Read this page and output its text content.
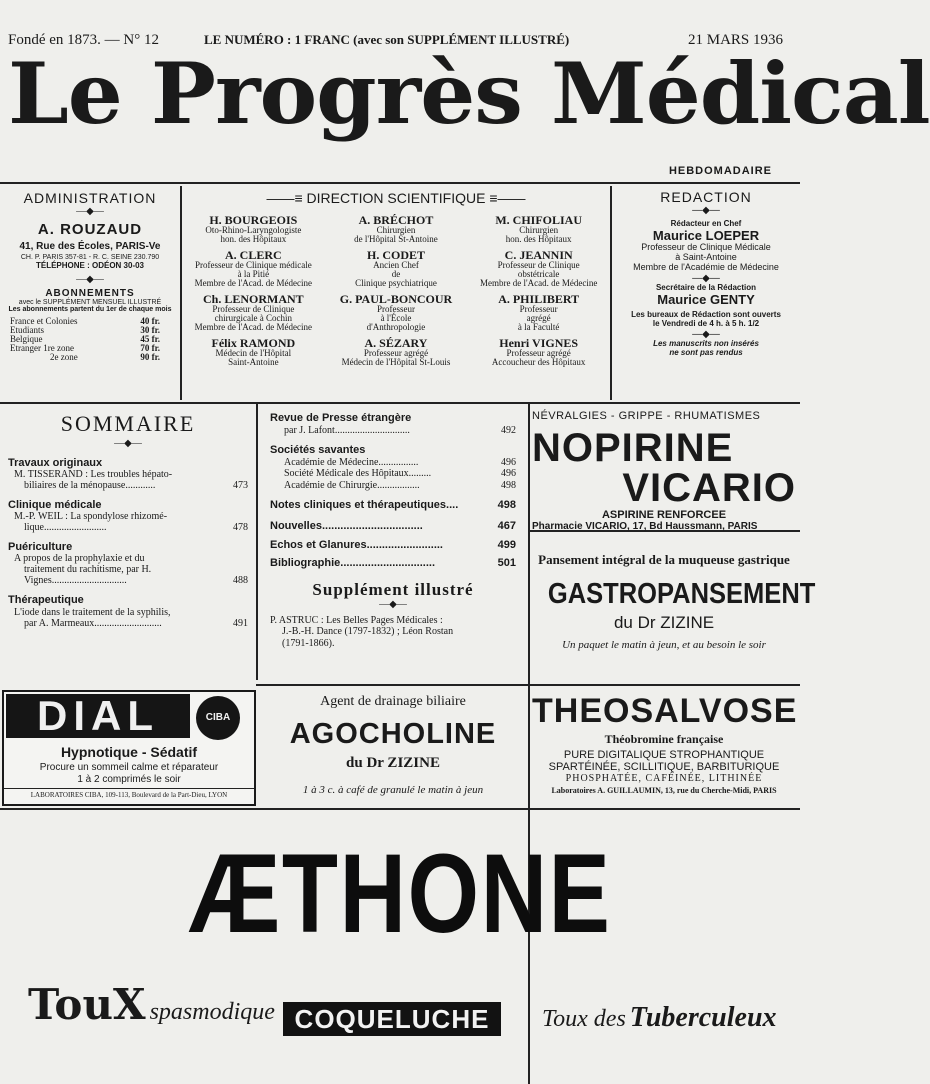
Fondé en 1873. — N° 12	LE NUMÉRO : 1 FRANC (avec son SUPPLÉMENT ILLUSTRÉ)	21 MARS 1936
Le Progrès Médical
HEBDOMADAIRE
ADMINISTRATION
—◆—
A. ROUZAUD
41, Rue des Écoles, PARIS-Ve
CH. P. PARIS 357-81 - R. C. SEINE 230.790
TÉLÉPHONE : ODÉON 30-03
—◆—
ABONNEMENTS
avec le SUPPLÉMENT MENSUEL ILLUSTRÉ
Les abonnements partent du 1er de chaque mois
France et Colonies	40 fr.
Etudiants	30 fr.
Belgique	45 fr.
Etranger 1re zone	70 fr.
2e zone	90 fr.
——≡ DIRECTION SCIENTIFIQUE ≡——
H. BOURGEOIS
Oto-Rhino-Laryngologiste
hon. des Hôpitaux
A. BRÉCHOT
Chirurgien
de l'Hôpital St-Antoine
M. CHIFOLIAU
Chirurgien
hon. des Hôpitaux
A. CLERC
Professeur de Clinique médicale
à la Pitié
Membre de l'Acad. de Médecine
H. CODET
Ancien Chef
de
Clinique psychiatrique
C. JEANNIN
Professeur de Clinique
obstétricale
Membre de l'Acad. de Médecine
Ch. LENORMANT
Professeur de Clinique
chirurgicale à Cochin
Membre de l'Acad. de Médecine
G. PAUL-BONCOUR
Professeur
à l'École
d'Anthropologie
A. PHILIBERT
Professeur
agrégé
à la Faculté
Félix RAMOND
Médecin de l'Hôpital
Saint-Antoine
A. SÉZARY
Professeur agrégé
Médecin de l'Hôpital St-Louis
Henri VIGNES
Professeur agrégé
Accoucheur des Hôpitaux
REDACTION
—◆—
Rédacteur en Chef
Maurice LOEPER
Professeur de Clinique Médicale
à Saint-Antoine
Membre de l'Académie de Médecine
—◆—
Secrétaire de la Rédaction
Maurice GENTY
Les bureaux de Rédaction sont ouverts
le Vendredi de 4 h. à 5 h. 1/2
—◆—
Les manuscrits non insérés
ne sont pas rendus
SOMMAIRE
—◆—
Travaux originaux
M. TISSERAND : Les troubles hépato-
biliaires de la ménopause............	473
Clinique médicale
M.-P. WEIL : La spondylose rhizomé-
lique.........................	478
Puériculture
A propos de la prophylaxie et du
traitement du rachitisme, par H.
Vignes..............................	488
Thérapeutique
L'iode dans le traitement de la syphilis,
par A. Marmeaux...........................	491
Revue de Presse étrangère
par J. Lafont..............................	492
Sociétés savantes
Académie de Médecine................	496
Société Médicale des Hôpitaux.........	496
Académie de Chirurgie.................	498
Notes cliniques et thérapeutiques....	498
Nouvelles.................................	467
Echos et Glanures.........................	499
Bibliographie...............................	501
Supplément illustré
—◆—
P. ASTRUC : Les Belles Pages Médicales :
J.-B.-H. Dance (1797-1832) ; Léon Rostan
(1791-1866).
NÉVRALGIES - GRIPPE - RHUMATISMES
NOPIRINE
VICARIO
ASPIRINE RENFORCEE
Pharmacie VICARIO, 17, Bd Haussmann, PARIS
Pansement intégral de la muqueuse gastrique
GASTROPANSEMENT
du Dr ZIZINE
Un paquet le matin à jeun, et au besoin le soir
DIAL	CIBA
Hypnotique - Sédatif
Procure un sommeil calme et réparateur
1 à 2 comprimés le soir
LABORATOIRES CIBA, 109-113, Boulevard de la Part-Dieu, LYON
Agent de drainage biliaire
AGOCHOLINE
du Dr ZIZINE
1 à 3 c. à café de granulé le matin à jeun
THEOSALVOSE
Théobromine française
PURE DIGITALIQUE STROPHANTIQUE
SPARTÉINÉE, SCILLITIQUE, BARBITURIQUE
PHOSPHATÉE, CAFÉINÉE, LITHINÉE
Laboratoires A. GUILLAUMIN, 13, rue du Cherche-Midi, PARIS
ÆTHONE
TouX spasmodique COQUELUCHE	Toux des Tuberculeux
